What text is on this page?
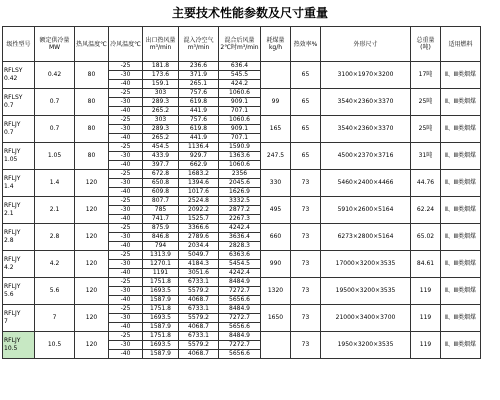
主要技术性能参数及尺寸重量
级性型号	额定供冷量MW	热风温度℃	冷风温度℃	出口热风量m³/min	混入冷空气m³/min	混合后风量2℃时m³/min	耗煤量kg/h	热效率%	外形尺寸	总重量(吨)	适用燃料

RFLSY
0.42	0.42	80	-25	181.8	236.6	636.4		65	3100×1970×3200	17吨	Ⅱ、Ⅲ类烟煤
			-30	173.6	371.9	545.5					
			-40	159.1	265.1	424.2					

RFLSY
0.7	0.7	80	-25	303	757.6	1060.6	99	65	3540×2360×3370	25吨	Ⅱ、Ⅲ类烟煤
			-30	289.3	619.8	909.1					
			-40	265.2	441.9	707.1					

RFLJY
0.7	0.7	80	-25	303	757.6	1060.6	165	65	3540×2360×3370	25吨	Ⅱ、Ⅲ类烟煤
			-30	289.3	619.8	909.1					
			-40	265.2	441.9	707.1					

RFLJY
1.05	1.05	80	-25	454.5	1136.4	1590.9	247.5	65	4500×2370×3716	31吨	Ⅱ、Ⅲ类烟煤
			-30	433.9	929.7	1363.6					
			-40	397.7	662.9	1060.6					

RFLJY
1.4	1.4	120	-25	672.8	1683.2	2356	330	73	5460×2400×4466	44.76	Ⅱ、Ⅲ类烟煤
			-30	650.8	1394.6	2045.6					
			-40	609.8	1017.6	1626.9					

RFLJY
2.1	2.1	120	-25	807.7	2524.8	3332.5	495	73	5910×2600×5164	62.24	Ⅱ、Ⅲ类烟煤
			-30	785	2092.2	2877.2					
			-40	741.7	1525.7	2267.3					

RFLJY
2.8	2.8	120	-25	875.9	3366.6	4242.4	660	73	6273×2800×5164	65.02	Ⅱ、Ⅲ类烟煤
			-30	846.8	2789.6	3636.4					
			-40	794	2034.4	2828.3					

RFLJY
4.2	4.2	120	-25	1313.9	5049.7	6363.6	990	73	17000×3200×3535	84.61	Ⅱ、Ⅲ类烟煤
			-30	1270.1	4184.3	5454.5					
			-40	1191	3051.6	4242.4					

RFLJY
5.6	5.6	120	-25	1751.8	6733.1	8484.9	1320	73	19500×3200×3535	119	Ⅱ、Ⅲ类烟煤
			-30	1693.5	5579.2	7272.7					
			-40	1587.9	4068.7	5656.6					

RFLJY
7	7	120	-25	1751.8	6733.1	8484.9	1650	73	21000×3400×3700	119	Ⅱ、Ⅲ类烟煤
			-30	1693.5	5579.2	7272.7					
			-40	1587.9	4068.7	5656.6					

RFLJY
10.5	10.5	120	-25	1751.8	6733.1	8484.9		73	1950×3200×3535	119	Ⅱ、Ⅲ类烟煤
			-30	1693.5	5579.2	7272.7					
			-40	1587.9	4068.7	5656.6					
